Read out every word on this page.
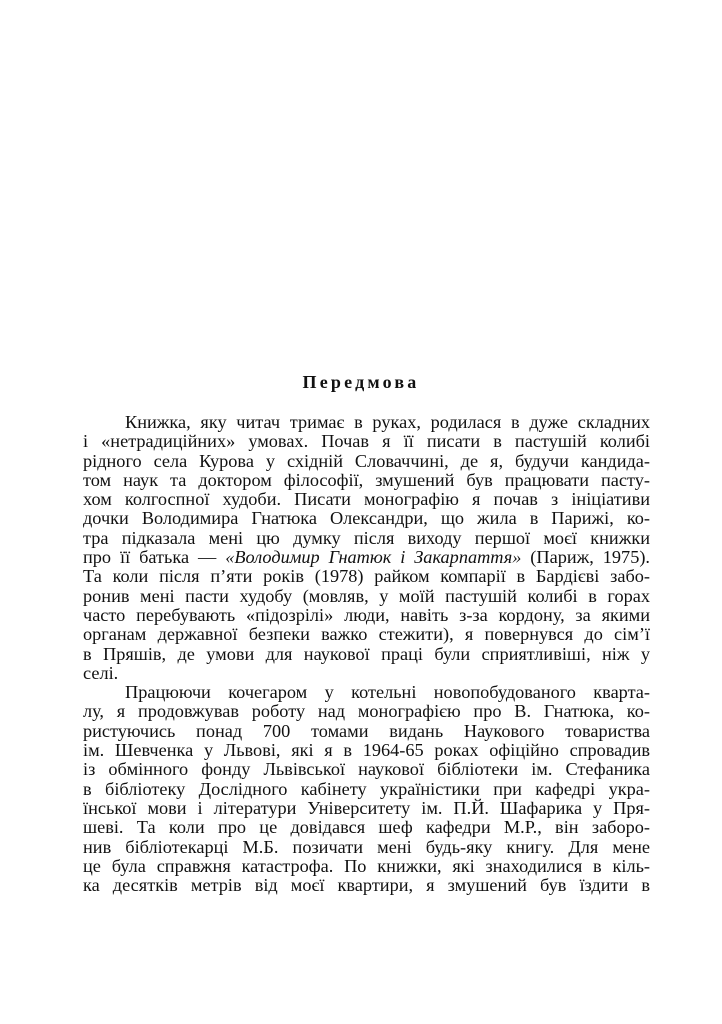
Передмова

Книжка, яку читач тримає в руках, родилася в дуже складних
і «нетрадиційних» умовах. Почав я її писати в пастушій колибі
рідного села Курова у східній Словаччині, де я, будучи кандида-
том наук та доктором філософії, змушений був працювати пасту-
хом колгоспної худоби. Писати монографію я почав з ініціативи
дочки Володимира Гнатюка Олександри, що жила в Парижі, ко-
тра підказала мені цю думку після виходу першої моєї книжки
про її батька — «Володимир Гнатюк і Закарпаття» (Париж, 1975).
Та коли після п’яти років (1978) райком компарії в Бардієві забо-
ронив мені пасти худобу (мовляв, у моїй пастушій колибі в горах
часто перебувають «підозрілі» люди, навіть з-за кордону, за якими
органам державної безпеки важко стежити), я повернувся до сім’ї
в Пряшів, де умови для наукової праці були сприятливіші, ніж у
селі.

Працюючи кочегаром у котельні новопобудованого кварта-
лу, я продовжував роботу над монографією про В. Гнатюка, ко-
ристуючись понад 700 томами видань Наукового товариства
ім. Шевченка у Львові, які я в 1964-65 роках офіційно спровадив
із обмінного фонду Львівської наукової бібліотеки ім. Стефаника
в бібліотеку Дослідного кабінету україністики при кафедрі укра-
їнської мови і літератури Університету ім. П.Й. Шафарика у Пря-
шеві. Та коли про це довідався шеф кафедри М.Р., він заборо-
нив бібліотекарці М.Б. позичати мені будь-яку книгу. Для мене
це була справжня катастрофа. По книжки, які знаходилися в кіль-
ка десятків метрів від моєї квартири, я змушений був їздити в
